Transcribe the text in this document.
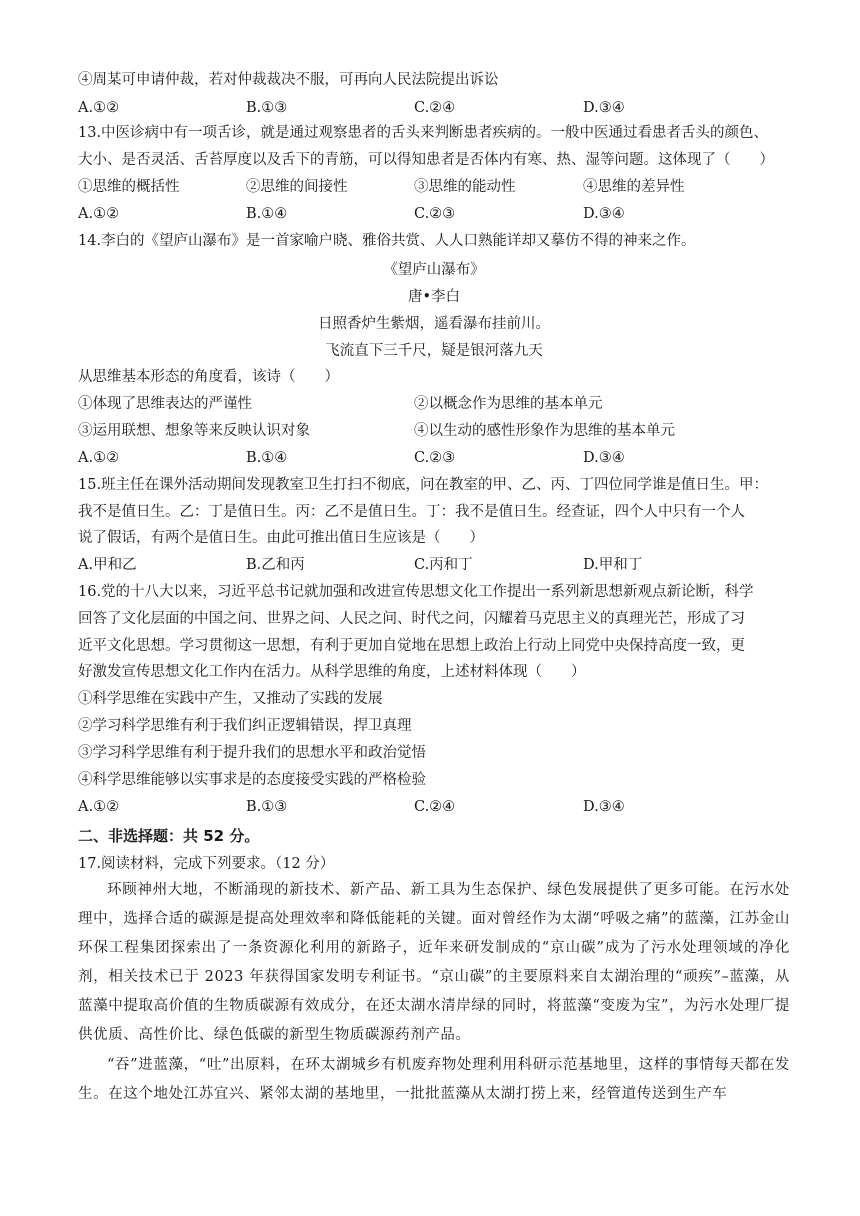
④周某可申请仲裁，若对仲裁裁决不服，可再向人民法院提出诉讼
A.①②	B.①③	C.②④	D.③④
13.中医诊病中有一项舌诊，就是通过观察患者的舌头来判断患者疾病的。一般中医通过看患者舌头的颜色、
大小、是否灵活、舌苔厚度以及舌下的青筋，可以得知患者是否体内有寒、热、湿等问题。这体现了（　　）
①思维的概括性	②思维的间接性	③思维的能动性	④思维的差异性
A.①②	B.①④	C.②③	D.③④
14.李白的《望庐山瀑布》是一首家喻户晓、雅俗共赏、人人口熟能详却又摹仿不得的神来之作。
《望庐山瀑布》
唐•李白
日照香炉生紫烟，遥看瀑布挂前川。
飞流直下三千尺，疑是银河落九天
从思维基本形态的角度看，该诗（　　）
①体现了思维表达的严谨性	②以概念作为思维的基本单元
③运用联想、想象等来反映认识对象	④以生动的感性形象作为思维的基本单元
A.①②	B.①④	C.②③	D.③④
15.班主任在课外活动期间发现教室卫生打扫不彻底，问在教室的甲、乙、丙、丁四位同学谁是值日生。甲：
我不是值日生。乙：丁是值日生。丙：乙不是值日生。丁：我不是值日生。经查证，四个人中只有一个人
说了假话，有两个是值日生。由此可推出值日生应该是（　　）
A.甲和乙	B.乙和丙	C.丙和丁	D.甲和丁
16.党的十八大以来，习近平总书记就加强和改进宣传思想文化工作提出一系列新思想新观点新论断，科学
回答了文化层面的中国之问、世界之问、人民之问、时代之问，闪耀着马克思主义的真理光芒，形成了习
近平文化思想。学习贯彻这一思想，有利于更加自觉地在思想上政治上行动上同党中央保持高度一致，更
好激发宣传思想文化工作内在活力。从科学思维的角度，上述材料体现（　　）
①科学思维在实践中产生，又推动了实践的发展
②学习科学思维有利于我们纠正逻辑错误，捍卫真理
③学习科学思维有利于提升我们的思想水平和政治觉悟
④科学思维能够以实事求是的态度接受实践的严格检验
A.①②	B.①③	C.②④	D.③④
二、非选择题：共 52 分。
17.阅读材料，完成下列要求。（12 分）
环顾神州大地，不断涌现的新技术、新产品、新工具为生态保护、绿色发展提供了更多可能。在污水处理中，选择合适的碳源是提高处理效率和降低能耗的关键。面对曾经作为太湖“呼吸之痛”的蓝藻，江苏金山环保工程集团探索出了一条资源化利用的新路子，近年来研发制成的“京山碳”成为了污水处理领域的净化剂，相关技术已于 2023 年获得国家发明专利证书。“京山碳”的主要原料来自太湖治理的“顽疾”–蓝藻，从蓝藻中提取高价值的生物质碳源有效成分，在还太湖水清岸绿的同时，将蓝藻“变废为宝”，为污水处理厂提供优质、高性价比、绿色低碳的新型生物质碳源药剂产品。
“吞”进蓝藻，“吐”出原料，在环太湖城乡有机废弃物处理利用科研示范基地里，这样的事情每天都在发生。在这个地处江苏宜兴、紧邻太湖的基地里，一批批蓝藻从太湖打捞上来，经管道传送到生产车
